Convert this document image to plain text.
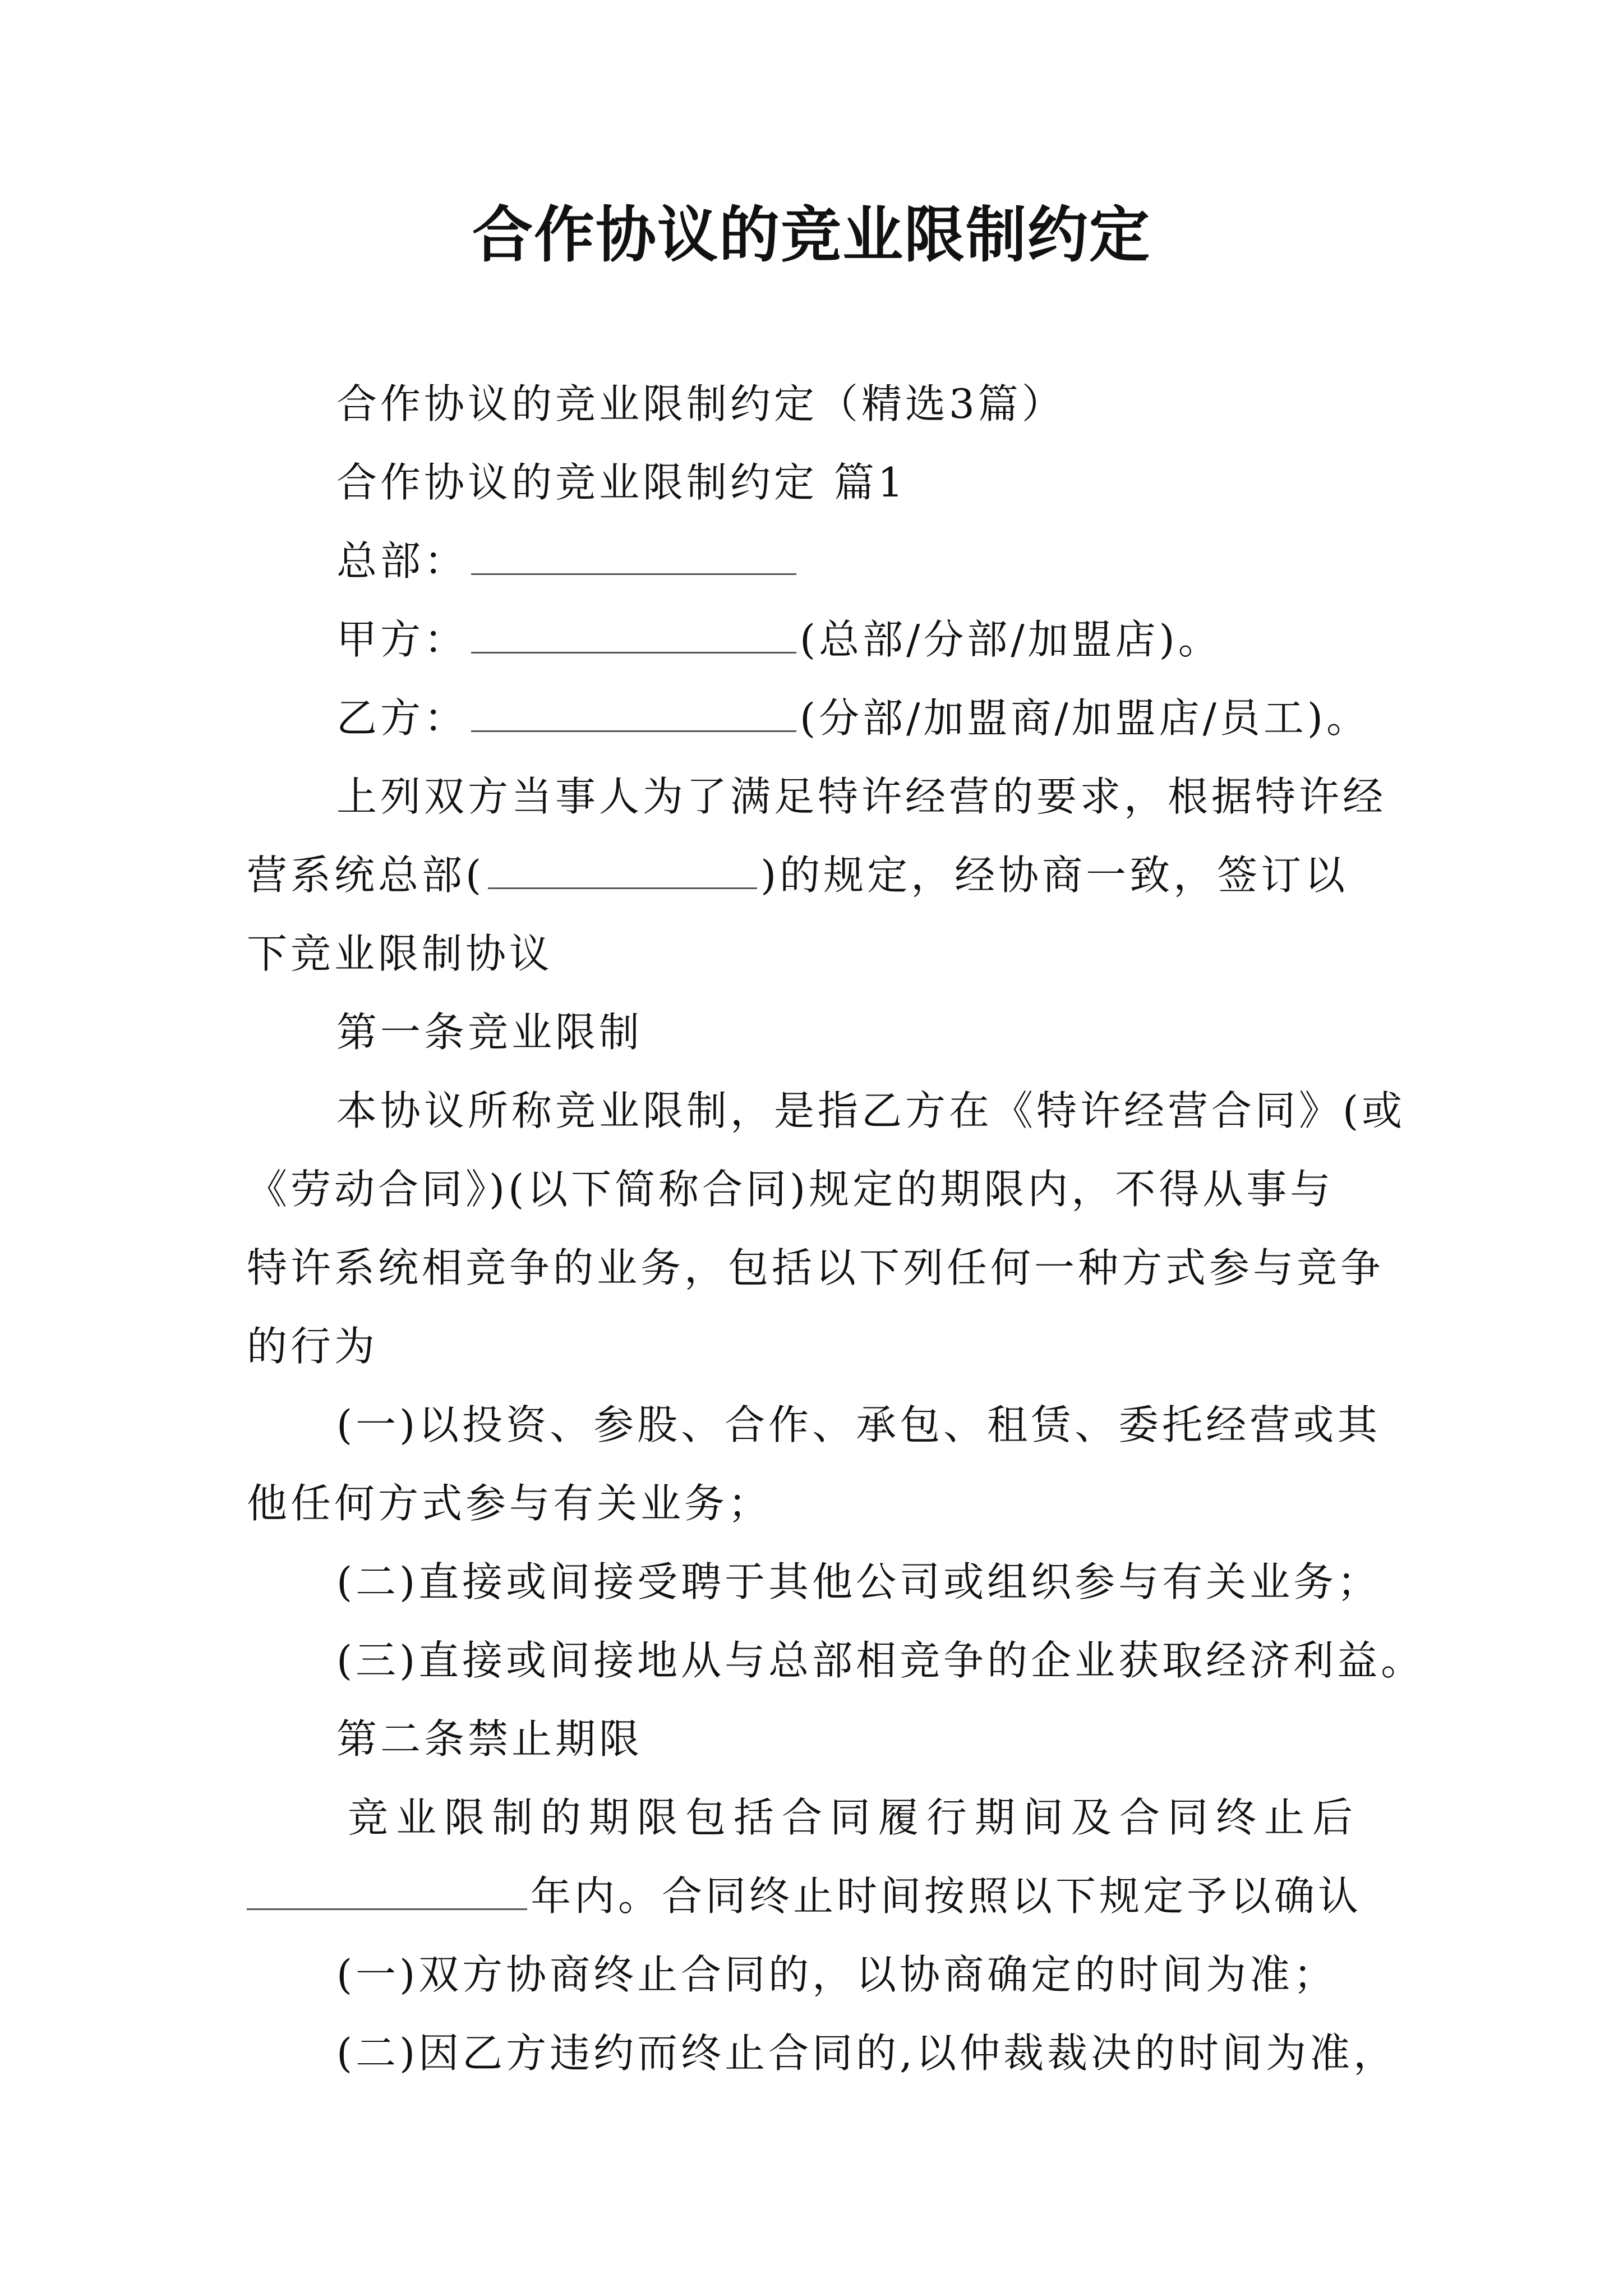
合作协议的竞业限制约定
合作协议的竞业限制约定（精选3篇）
合作协议的竞业限制约定 篇1
总部：
甲方：	(总部/分部/加盟店)。
乙方：	(分部/加盟商/加盟店/员工)。
上列双方当事人为了满足特许经营的要求，根据特许经
营系统总部(	)的规定，经协商一致，签订以
下竞业限制协议
第一条竞业限制
本协议所称竞业限制，是指乙方在《特许经营合同》(或
《劳动合同》)(以下简称合同)规定的期限内，不得从事与
特许系统相竞争的业务，包括以下列任何一种方式参与竞争
的行为
(一)以投资、参股、合作、承包、租赁、委托经营或其
他任何方式参与有关业务；
(二)直接或间接受聘于其他公司或组织参与有关业务；
(三)直接或间接地从与总部相竞争的企业获取经济利益。
第二条禁止期限
竞业限制的期限包括合同履行期间及合同终止后
年内。合同终止时间按照以下规定予以确认
(一)双方协商终止合同的，以协商确定的时间为准；
(二)因乙方违约而终止合同的,以仲裁裁决的时间为准，
